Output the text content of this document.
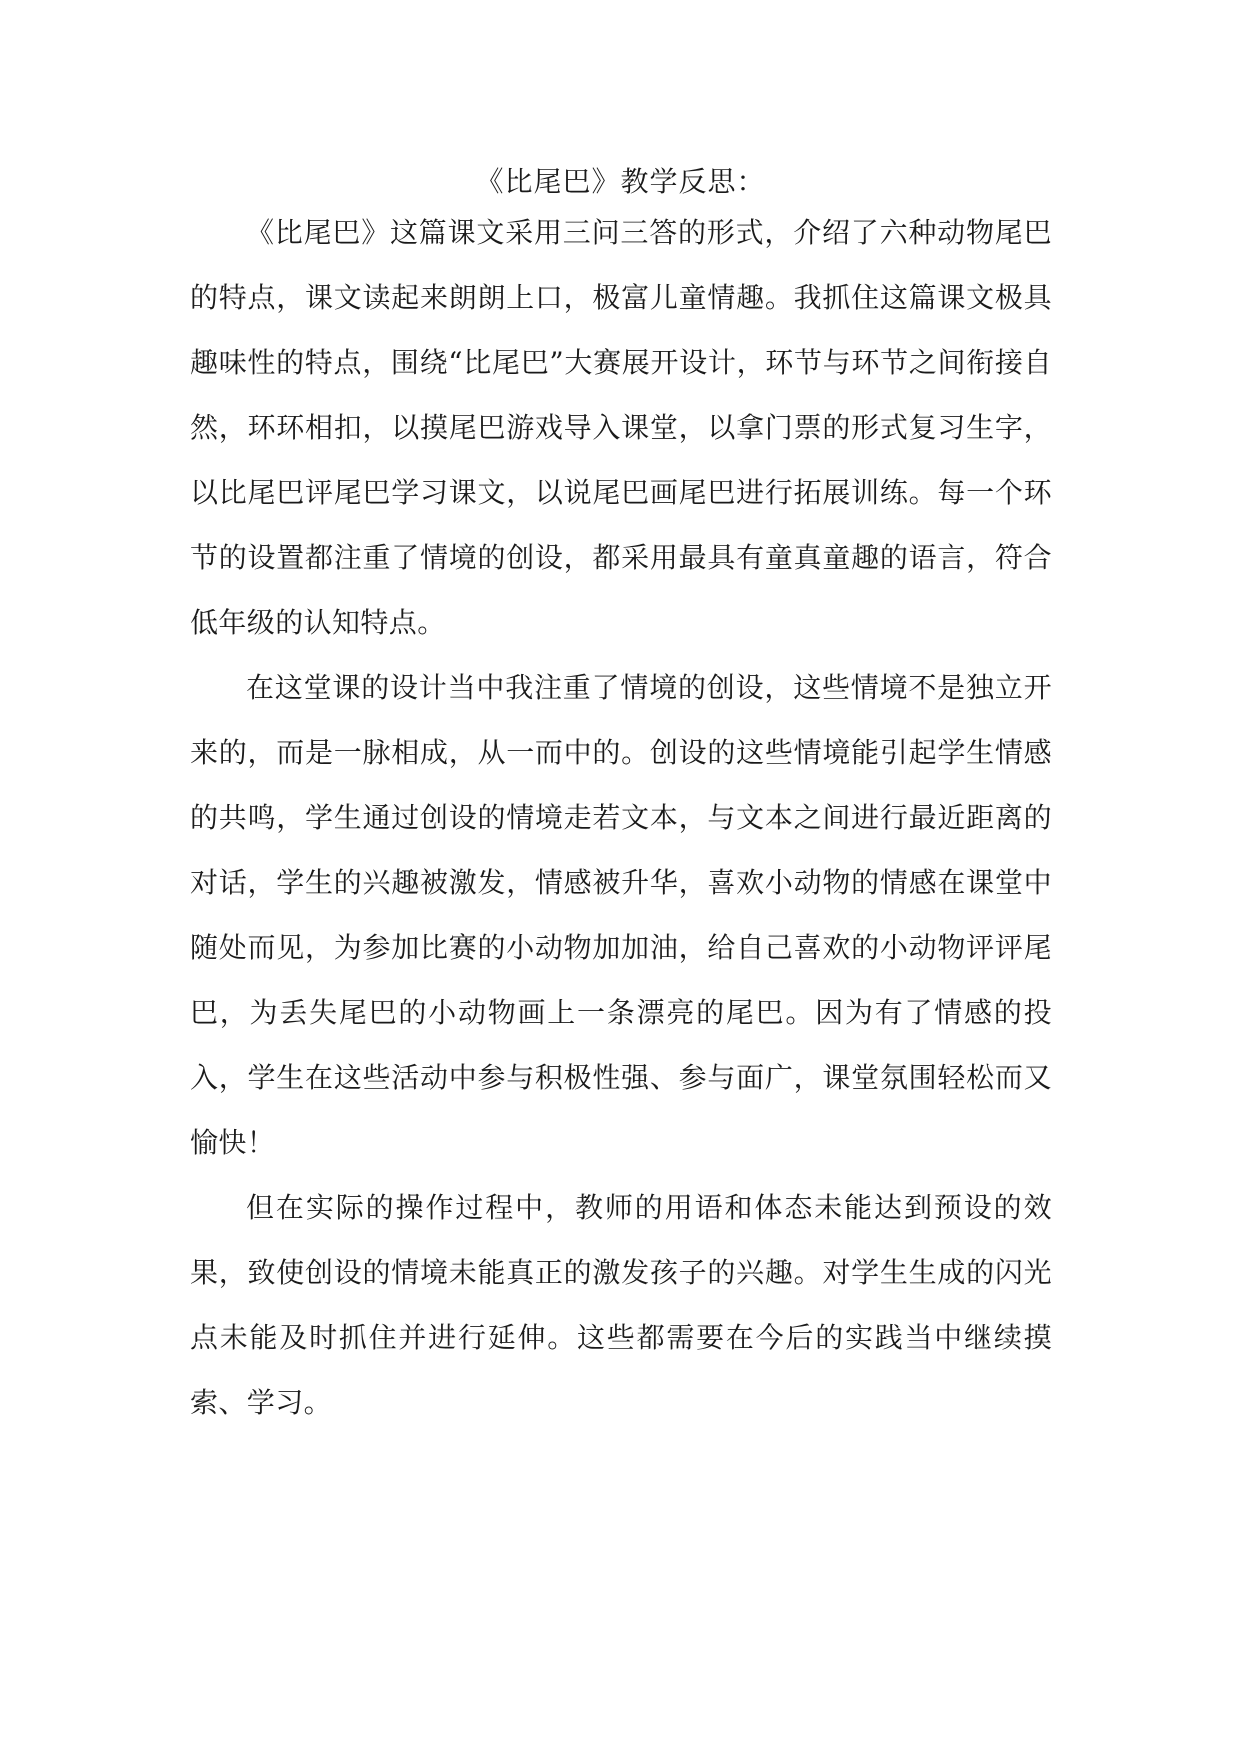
《比尾巴》教学反思：

《比尾巴》这篇课文采用三问三答的形式，介绍了六种动物尾巴的特点，课文读起来朗朗上口，极富儿童情趣。我抓住这篇课文极具趣味性的特点，围绕“比尾巴”大赛展开设计，环节与环节之间衔接自然，环环相扣，以摸尾巴游戏导入课堂，以拿门票的形式复习生字，以比尾巴评尾巴学习课文，以说尾巴画尾巴进行拓展训练。每一个环节的设置都注重了情境的创设，都采用最具有童真童趣的语言，符合低年级的认知特点。

在这堂课的设计当中我注重了情境的创设，这些情境不是独立开来的，而是一脉相成，从一而中的。创设的这些情境能引起学生情感的共鸣，学生通过创设的情境走若文本，与文本之间进行最近距离的对话，学生的兴趣被激发，情感被升华，喜欢小动物的情感在课堂中随处而见，为参加比赛的小动物加加油，给自己喜欢的小动物评评尾巴，为丢失尾巴的小动物画上一条漂亮的尾巴。因为有了情感的投入，学生在这些活动中参与积极性强、参与面广，课堂氛围轻松而又愉快！

但在实际的操作过程中，教师的用语和体态未能达到预设的效果，致使创设的情境未能真正的激发孩子的兴趣。对学生生成的闪光点未能及时抓住并进行延伸。这些都需要在今后的实践当中继续摸索、学习。
